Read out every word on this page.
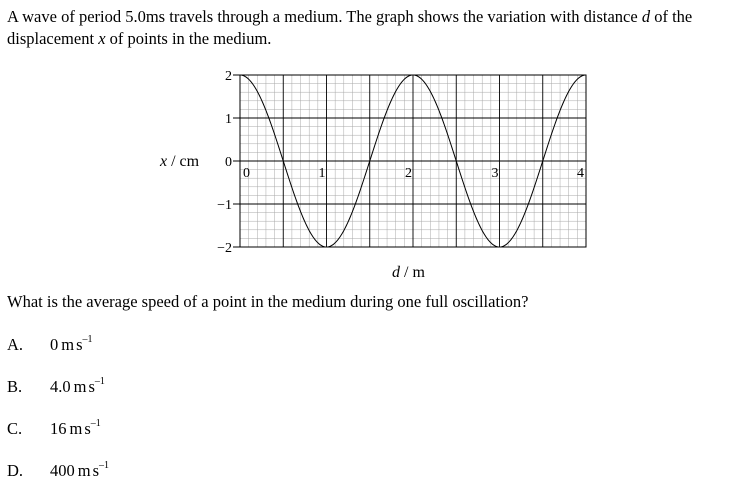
A wave of period 5.0ms travels through a medium. The graph shows the variation with distance d of the displacement x of points in the medium.
0	1	2	3	4
2
1
0
−1
−2
x / cm
d / m
What is the average speed of a point in the medium during one full oscillation?
A. 0 m $s^{-1}$
B. 4.0 m $s^{-1}$
C. 16 m $s^{-1}$
D. 400 m $s^{-1}$
